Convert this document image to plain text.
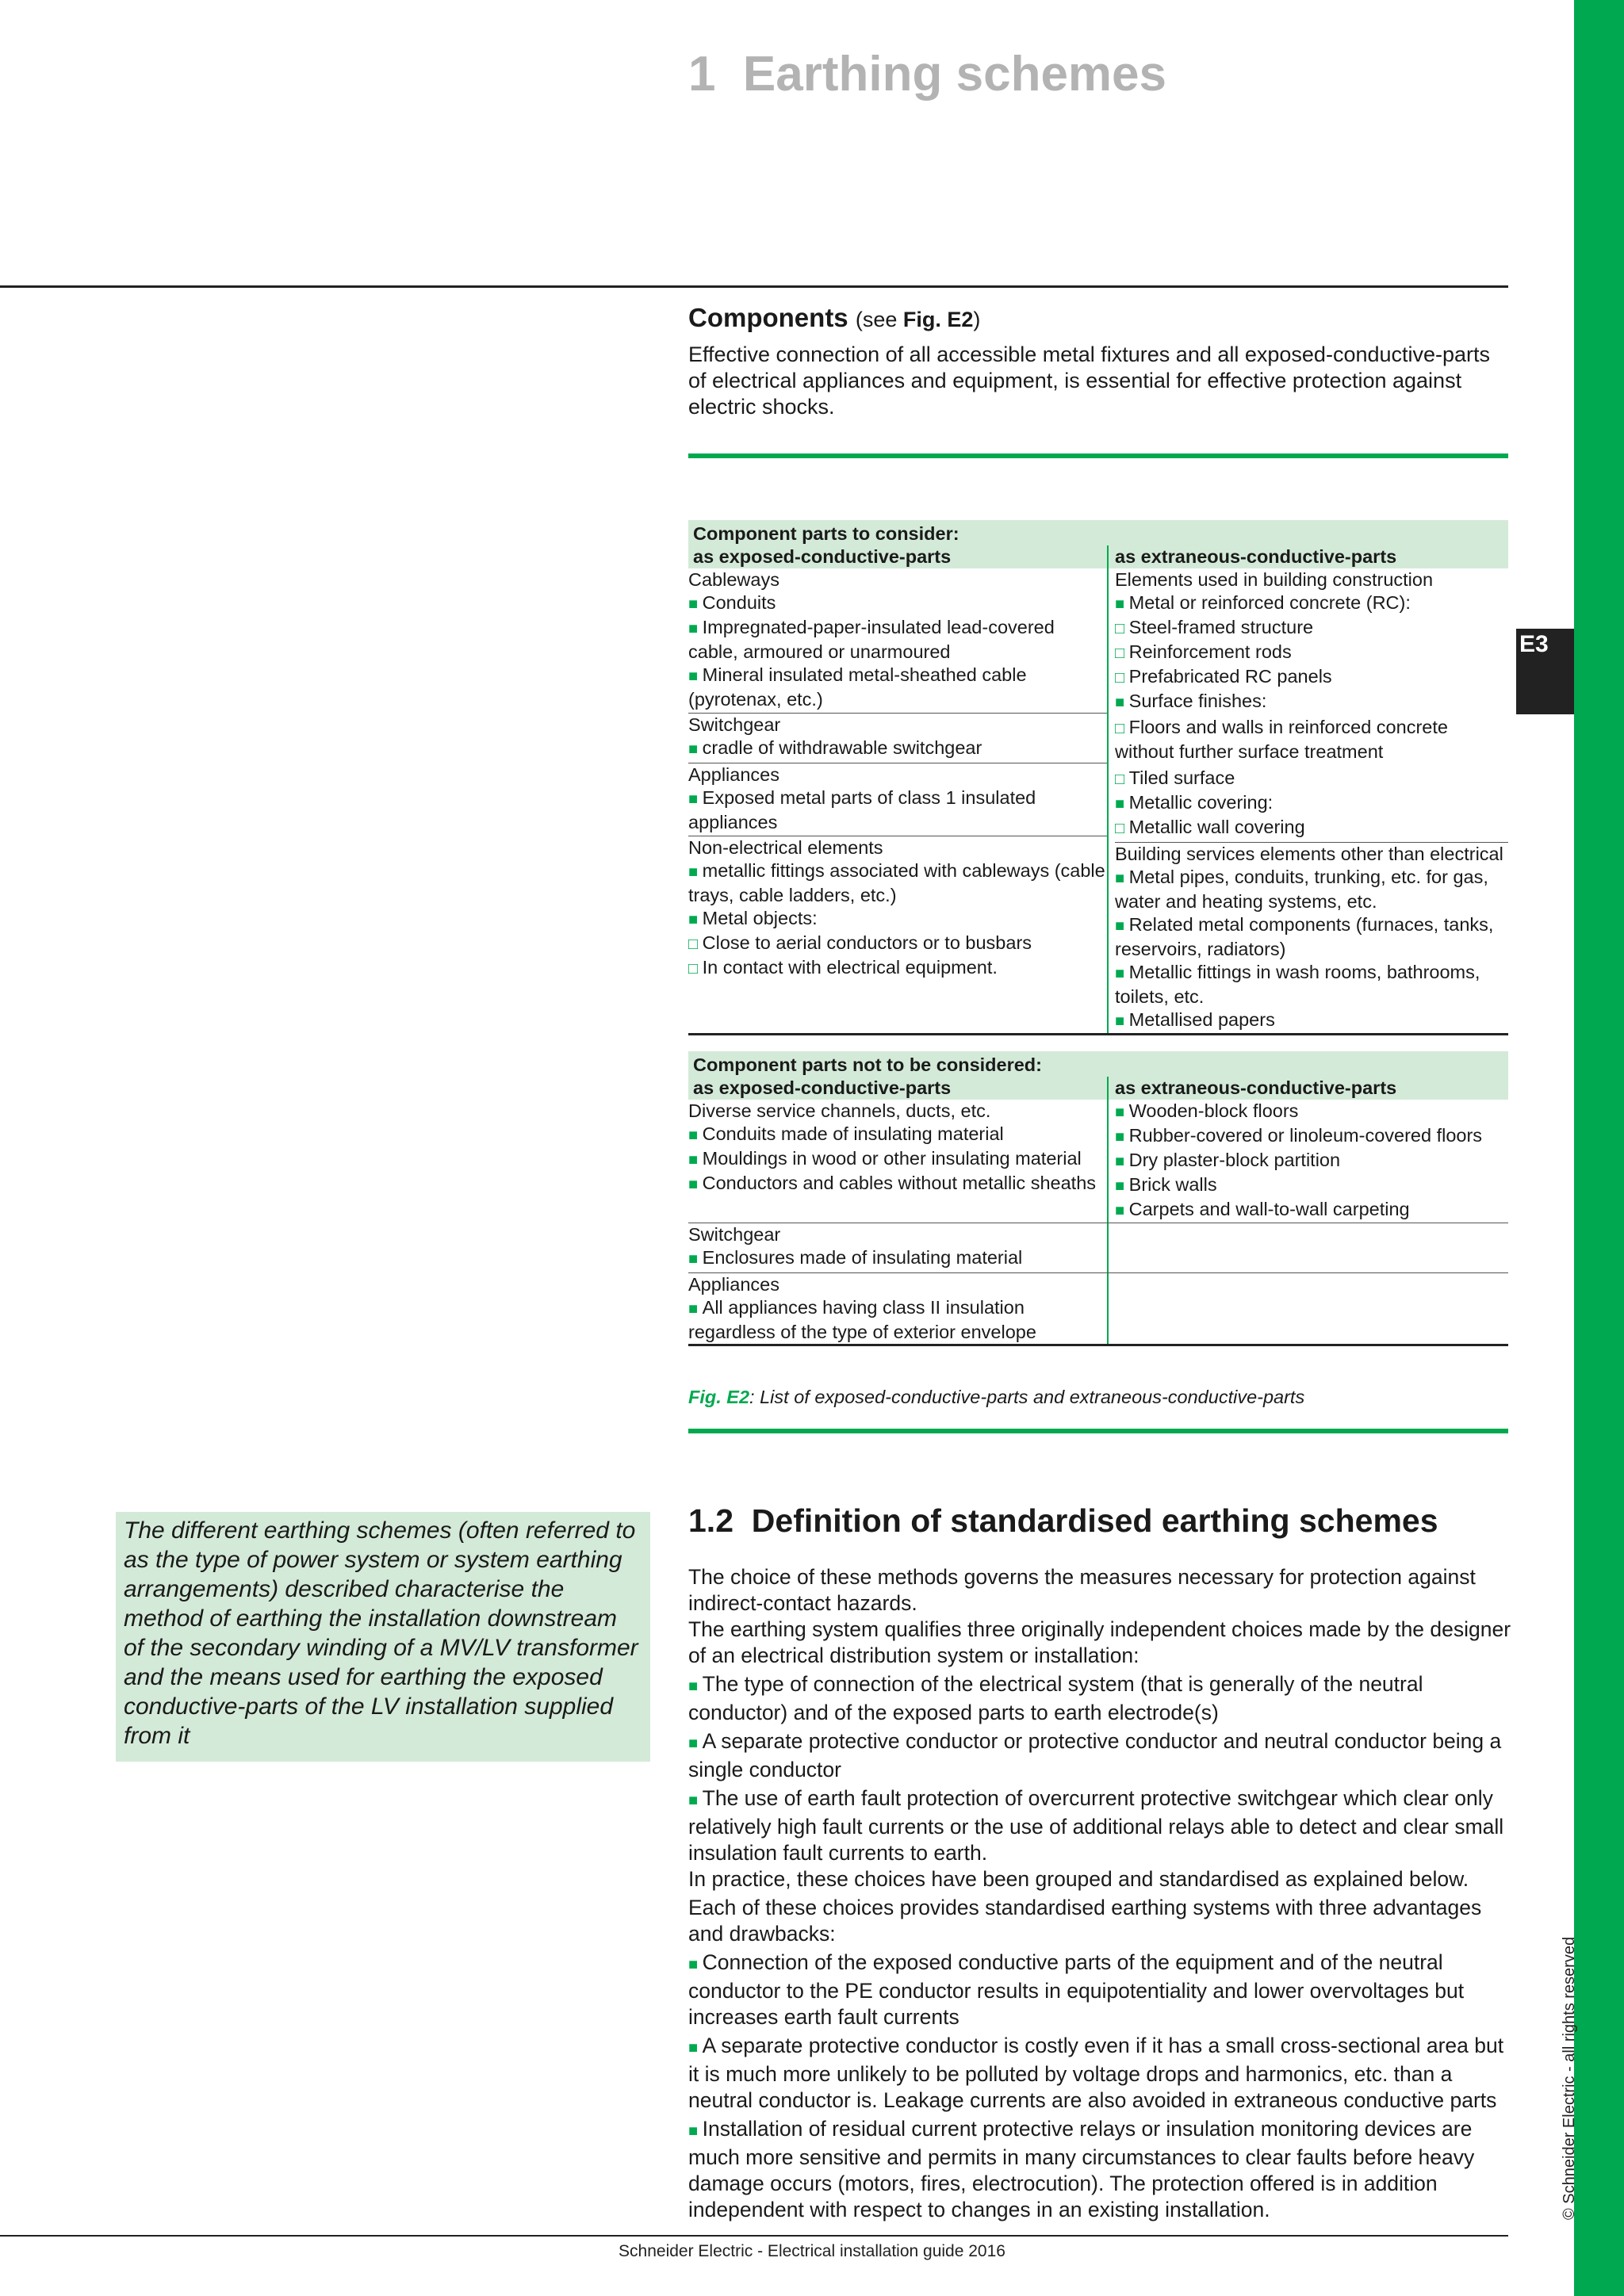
E3
© Schneider Electric - all rights reserved
1  Earthing schemes
Components (see Fig. E2)
Effective connection of all accessible metal fixtures and all exposed-conductive-parts of electrical appliances and equipment, is essential for effective protection against electric shocks.
Component parts to consider:
as exposed-conductive-parts	as extraneous-conductive-parts
Cableways
■ Conduits
■ Impregnated-paper-insulated lead-covered cable, armoured or unarmoured
■ Mineral insulated metal-sheathed cable (pyrotenax, etc.)
Switchgear
■ cradle of withdrawable switchgear
Appliances
■ Exposed metal parts of class 1 insulated appliances
Non-electrical elements
■ metallic fittings associated with cableways (cable trays, cable ladders, etc.)
■ Metal objects:
□ Close to aerial conductors or to busbars
□ In contact with electrical equipment.
Elements used in building construction
■ Metal or reinforced concrete (RC):
□ Steel-framed structure
□ Reinforcement rods
□ Prefabricated RC panels
■ Surface finishes:
□ Floors and walls in reinforced concrete without further surface treatment
□ Tiled surface
■ Metallic covering:
□ Metallic wall covering
Building services elements other than electrical
■ Metal pipes, conduits, trunking, etc. for gas, water and heating systems, etc.
■ Related metal components (furnaces, tanks, reservoirs, radiators)
■ Metallic fittings in wash rooms, bathrooms, toilets, etc.
■ Metallised papers
Component parts not to be considered:
as exposed-conductive-parts	as extraneous-conductive-parts
Diverse service channels, ducts, etc.
■ Conduits made of insulating material
■ Mouldings in wood or other insulating material
■ Conductors and cables without metallic sheaths
■ Wooden-block floors
■ Rubber-covered or linoleum-covered floors
■ Dry plaster-block partition
■ Brick walls
■ Carpets and wall-to-wall carpeting
Switchgear
■ Enclosures made of insulating material
Appliances
■ All appliances having class II insulation regardless of the type of exterior envelope
Fig. E2: List of exposed-conductive-parts and extraneous-conductive-parts
The different earthing schemes (often referred to as the type of power system or system earthing arrangements) described characterise the method of earthing the installation downstream of the secondary winding of a MV/LV transformer and the means used for earthing the exposed conductive-parts of the LV installation supplied from it
1.2  Definition of standardised earthing schemes

The choice of these methods governs the measures necessary for protection against indirect-contact hazards.

The earthing system qualifies three originally independent choices made by the designer of an electrical distribution system or installation:

■ The type of connection of the electrical system (that is generally of the neutral conductor) and of the exposed parts to earth electrode(s)

■ A separate protective conductor or protective conductor and neutral conductor being a single conductor

■ The use of earth fault protection of overcurrent protective switchgear which clear only relatively high fault currents or the use of additional relays able to detect and clear small insulation fault currents to earth.

In practice, these choices have been grouped and standardised as explained below.

Each of these choices provides standardised earthing systems with three advantages and drawbacks:

■ Connection of the exposed conductive parts of the equipment and of the neutral conductor to the PE conductor results in equipotentiality and lower overvoltages but increases earth fault currents

■ A separate protective conductor is costly even if it has a small cross-sectional area but it is much more unlikely to be polluted by voltage drops and harmonics, etc. than a neutral conductor is. Leakage currents are also avoided in extraneous conductive parts

■ Installation of residual current protective relays or insulation monitoring devices are much more sensitive and permits in many circumstances to clear faults before heavy damage occurs (motors, fires, electrocution). The protection offered is in addition independent with respect to changes in an existing installation.

Schneider Electric - Electrical installation guide 2016
